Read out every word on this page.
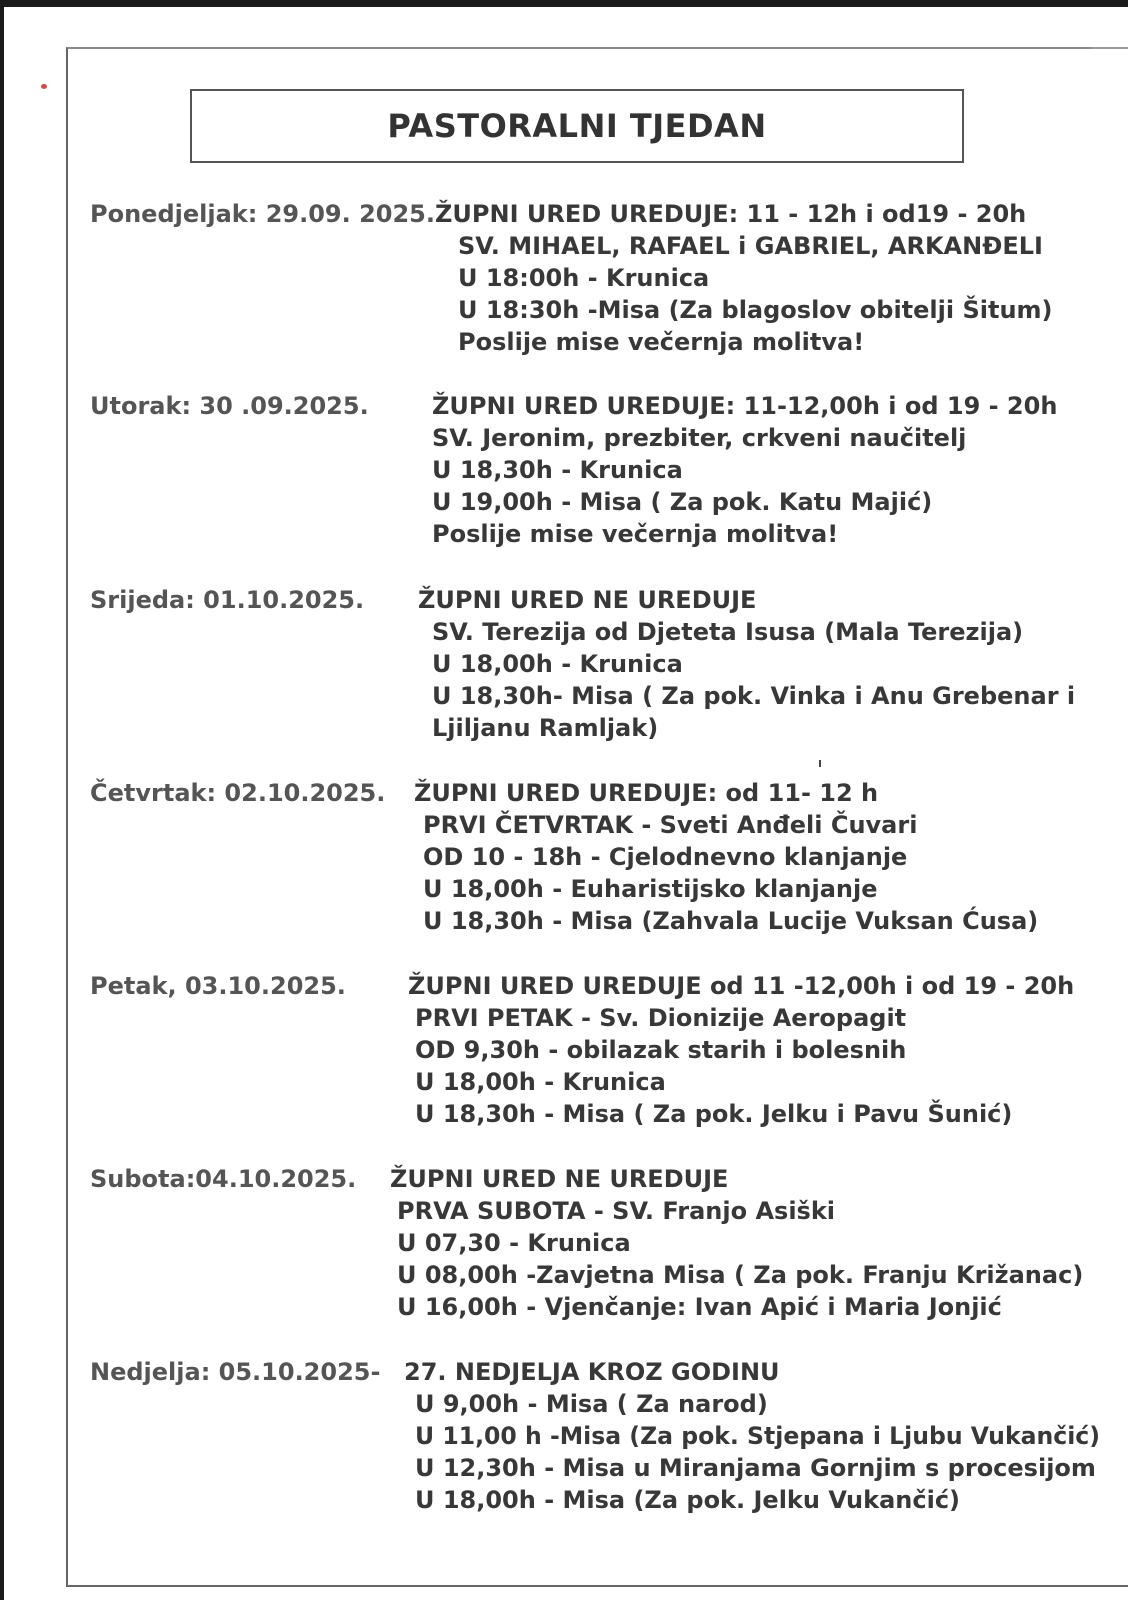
PASTORALNI TJEDAN
Ponedjeljak: 29.09. 2025. ŽUPNI URED UREDUJE: 11 - 12h i od19 - 20h
SV. MIHAEL, RAFAEL i GABRIEL, ARKANĐELI
U 18:00h - Krunica
U 18:30h -Misa (Za blagoslov obitelji Šitum)
Poslije mise večernja molitva!
Utorak: 30 .09.2025.	ŽUPNI URED UREDUJE: 11-12,00h i od 19 - 20h
SV. Jeronim, prezbiter, crkveni naučitelj
U 18,30h - Krunica
U 19,00h - Misa ( Za pok. Katu Majić)
Poslije mise večernja molitva!
Srijeda: 01.10.2025. ŽUPNI URED NE UREDUJE
SV. Terezija od Djeteta Isusa (Mala Terezija)
U 18,00h - Krunica
U 18,30h- Misa ( Za pok. Vinka i Anu Grebenar i
Ljiljanu Ramljak)
Četvrtak: 02.10.2025. ŽUPNI URED UREDUJE: od 11- 12 h
PRVI ČETVRTAK - Sveti Anđeli Čuvari
OD 10 - 18h - Cjelodnevno klanjanje
U 18,00h - Euharistijsko klanjanje
U 18,30h - Misa (Zahvala Lucije Vuksan Ćusa)
Petak, 03.10.2025.	ŽUPNI URED UREDUJE od 11 -12,00h i od 19 - 20h
PRVI PETAK - Sv. Dionizije Aeropagit
OD 9,30h - obilazak starih i bolesnih
U 18,00h - Krunica
U 18,30h - Misa ( Za pok. Jelku i Pavu Šunić)
Subota:04.10.2025. ŽUPNI URED NE UREDUJE
PRVA SUBOTA - SV. Franjo Asiški
U 07,30 - Krunica
U 08,00h -Zavjetna Misa ( Za pok. Franju Križanac)
U 16,00h - Vjenčanje: Ivan Apić i Maria Jonjić
Nedjelja: 05.10.2025- 27. NEDJELJA KROZ GODINU
U 9,00h - Misa ( Za narod)
U 11,00 h -Misa (Za pok. Stjepana i Ljubu Vukančić)
U 12,30h - Misa u Miranjama Gornjim s procesijom
U 18,00h - Misa (Za pok. Jelku Vukančić)
